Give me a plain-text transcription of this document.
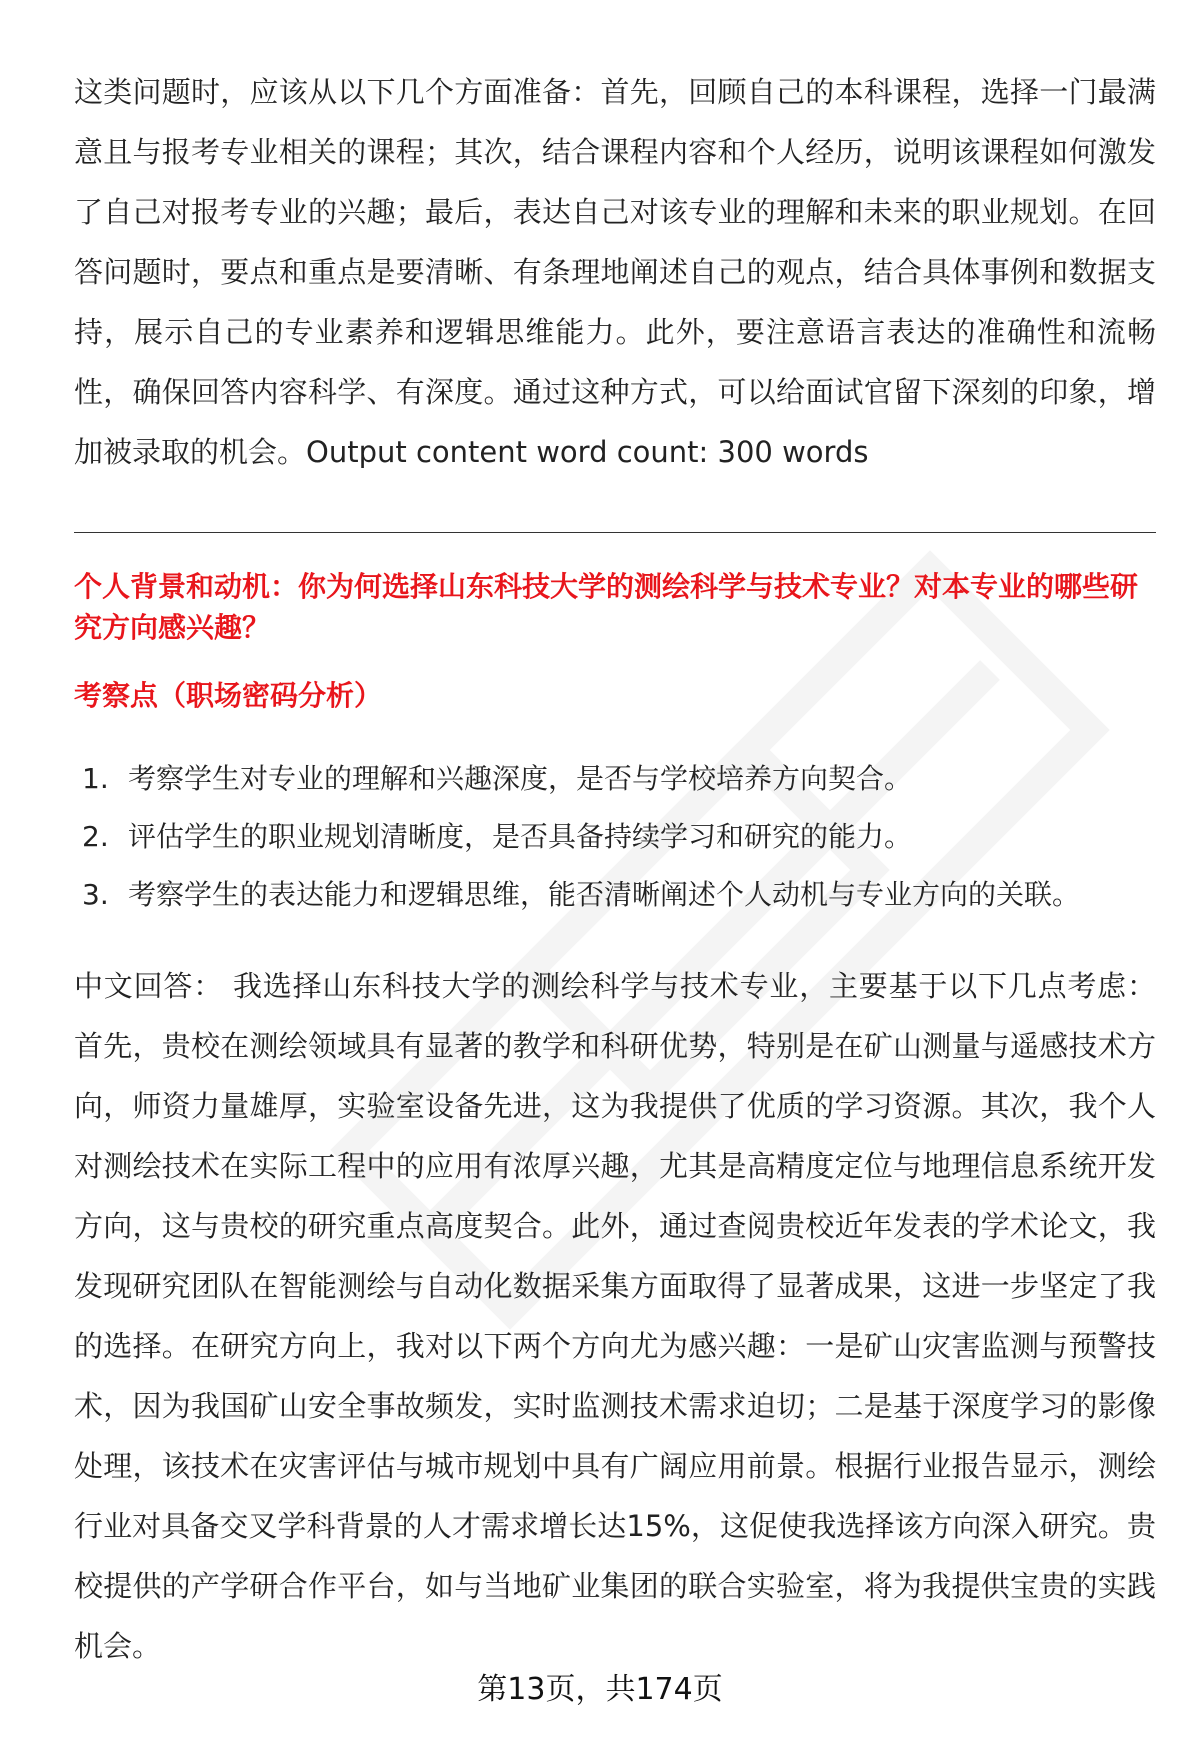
这类问题时，应该从以下几个方面准备：首先，回顾自己的本科课程，选择一门最满意且与报考专业相关的课程；其次，结合课程内容和个人经历，说明该课程如何激发了自己对报考专业的兴趣；最后，表达自己对该专业的理解和未来的职业规划。在回答问题时，要点和重点是要清晰、有条理地阐述自己的观点，结合具体事例和数据支持，展示自己的专业素养和逻辑思维能力。此外，要注意语言表达的准确性和流畅性，确保回答内容科学、有深度。通过这种方式，可以给面试官留下深刻的印象，增加被录取的机会。Output content word count: 300 words

个人背景和动机：你为何选择山东科技大学的测绘科学与技术专业？对本专业的哪些研究方向感兴趣？

考察点（职场密码分析）

1. 考察学生对专业的理解和兴趣深度，是否与学校培养方向契合。
2. 评估学生的职业规划清晰度，是否具备持续学习和研究的能力。
3. 考察学生的表达能力和逻辑思维，能否清晰阐述个人动机与专业方向的关联。

中文回答： 我选择山东科技大学的测绘科学与技术专业，主要基于以下几点考虑：首先，贵校在测绘领域具有显著的教学和科研优势，特别是在矿山测量与遥感技术方向，师资力量雄厚，实验室设备先进，这为我提供了优质的学习资源。其次，我个人对测绘技术在实际工程中的应用有浓厚兴趣，尤其是高精度定位与地理信息系统开发方向，这与贵校的研究重点高度契合。此外，通过查阅贵校近年发表的学术论文，我发现研究团队在智能测绘与自动化数据采集方面取得了显著成果，这进一步坚定了我的选择。在研究方向上，我对以下两个方向尤为感兴趣：一是矿山灾害监测与预警技术，因为我国矿山安全事故频发，实时监测技术需求迫切；二是基于深度学习的影像处理，该技术在灾害评估与城市规划中具有广阔应用前景。根据行业报告显示，测绘行业对具备交叉学科背景的人才需求增长达15%，这促使我选择该方向深入研究。贵校提供的产学研合作平台，如与当地矿业集团的联合实验室，将为我提供宝贵的实践机会。

第13页，共174页
